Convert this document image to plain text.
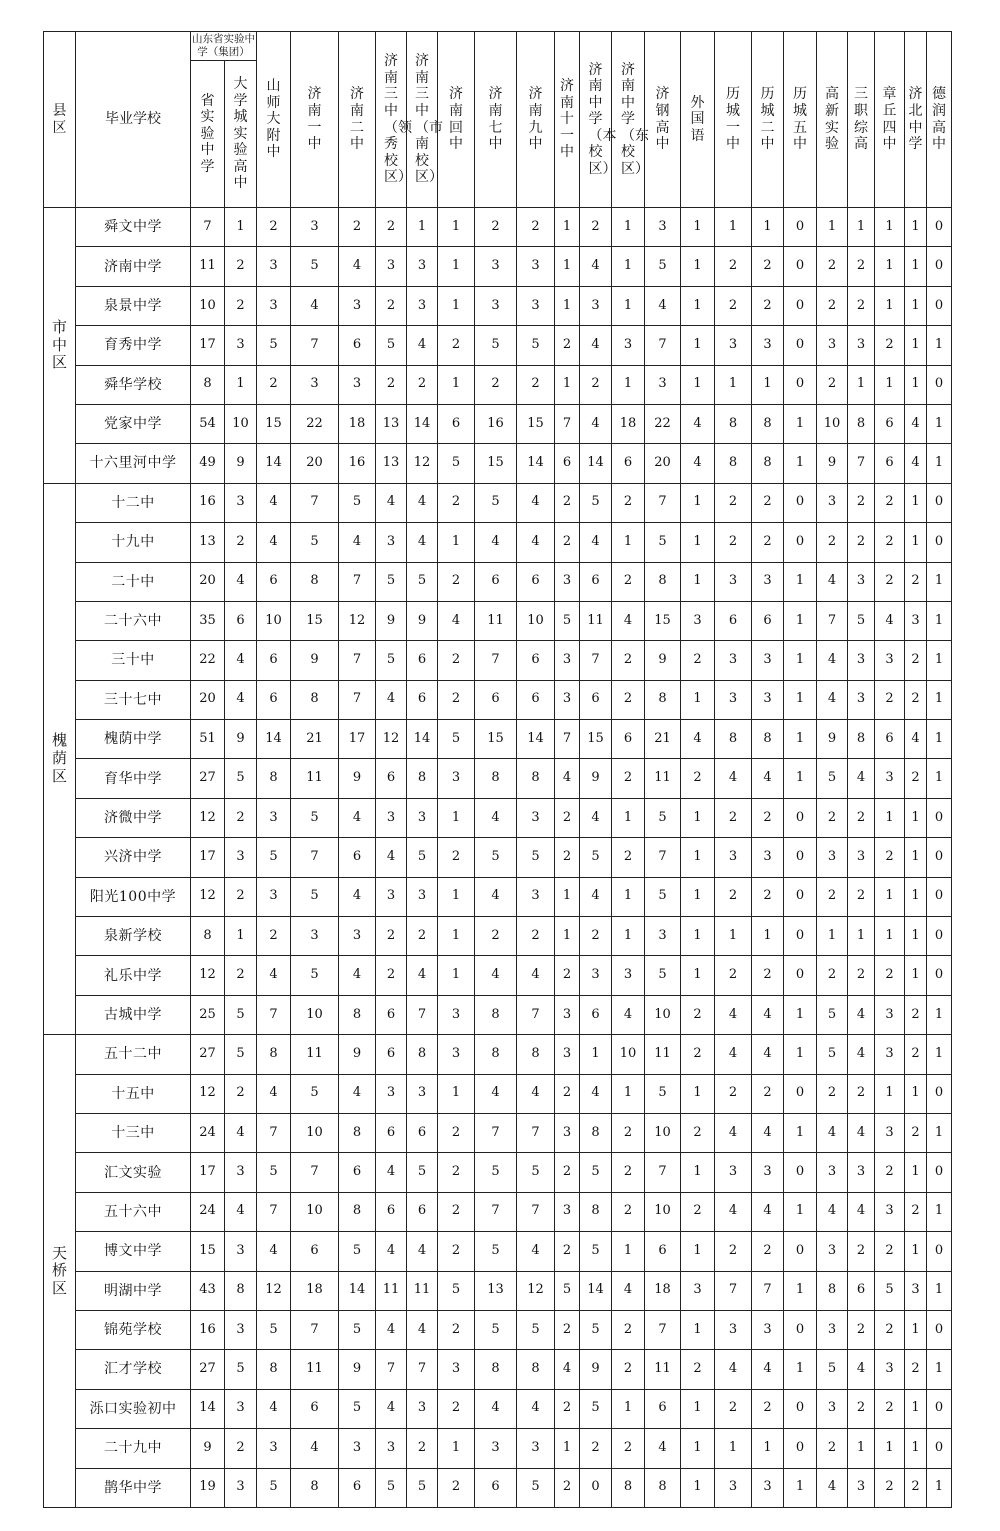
县区	毕业学校	山东省实验中学（集团）		山师大附中	济南一中	济南二中	济南三中（领秀校区）	济南三中（市南校区）	济南回中	济南七中	济南九中	济南十一中	济南中学（本校区）	济南中学（东校区）	济钢高中	外国语	历城一中	历城二中	历城五中	高新实验	三职综高	章丘四中	济北中学	德润高中
		省实验中学	大学城实验高中																					
市中区	舜文中学	7	1	2	3	2	2	1	1	2	2	1	2	1	3	1	1	1	0	1	1	1	1	0
	济南中学	11	2	3	5	4	3	3	1	3	3	1	4	1	5	1	2	2	0	2	2	1	1	0
	泉景中学	10	2	3	4	3	2	3	1	3	3	1	3	1	4	1	2	2	0	2	2	1	1	0
	育秀中学	17	3	5	7	6	5	4	2	5	5	2	4	3	7	1	3	3	0	3	3	2	1	1
	舜华学校	8	1	2	3	3	2	2	1	2	2	1	2	1	3	1	1	1	0	2	1	1	1	0
	党家中学	54	10	15	22	18	13	14	6	16	15	7	4	18	22	4	8	8	1	10	8	6	4	1
	十六里河中学	49	9	14	20	16	13	12	5	15	14	6	14	6	20	4	8	8	1	9	7	6	4	1
槐荫区	十二中	16	3	4	7	5	4	4	2	5	4	2	5	2	7	1	2	2	0	3	2	2	1	0
	十九中	13	2	4	5	4	3	4	1	4	4	2	4	1	5	1	2	2	0	2	2	2	1	0
	二十中	20	4	6	8	7	5	5	2	6	6	3	6	2	8	1	3	3	1	4	3	2	2	1
	二十六中	35	6	10	15	12	9	9	4	11	10	5	11	4	15	3	6	6	1	7	5	4	3	1
	三十中	22	4	6	9	7	5	6	2	7	6	3	7	2	9	2	3	3	1	4	3	3	2	1
	三十七中	20	4	6	8	7	4	6	2	6	6	3	6	2	8	1	3	3	1	4	3	2	2	1
	槐荫中学	51	9	14	21	17	12	14	5	15	14	7	15	6	21	4	8	8	1	9	8	6	4	1
	育华中学	27	5	8	11	9	6	8	3	8	8	4	9	2	11	2	4	4	1	5	4	3	2	1
	济微中学	12	2	3	5	4	3	3	1	4	3	2	4	1	5	1	2	2	0	2	2	1	1	0
	兴济中学	17	3	5	7	6	4	5	2	5	5	2	5	2	7	1	3	3	0	3	3	2	1	0
	阳光100中学	12	2	3	5	4	3	3	1	4	3	1	4	1	5	1	2	2	0	2	2	1	1	0
	泉新学校	8	1	2	3	3	2	2	1	2	2	1	2	1	3	1	1	1	0	1	1	1	1	0
	礼乐中学	12	2	4	5	4	2	4	1	4	4	2	3	3	5	1	2	2	0	2	2	2	1	0
	古城中学	25	5	7	10	8	6	7	3	8	7	3	6	4	10	2	4	4	1	5	4	3	2	1
天桥区	五十二中	27	5	8	11	9	6	8	3	8	8	3	1	10	11	2	4	4	1	5	4	3	2	1
	十五中	12	2	4	5	4	3	3	1	4	4	2	4	1	5	1	2	2	0	2	2	1	1	0
	十三中	24	4	7	10	8	6	6	2	7	7	3	8	2	10	2	4	4	1	4	4	3	2	1
	汇文实验	17	3	5	7	6	4	5	2	5	5	2	5	2	7	1	3	3	0	3	3	2	1	0
	五十六中	24	4	7	10	8	6	6	2	7	7	3	8	2	10	2	4	4	1	4	4	3	2	1
	博文中学	15	3	4	6	5	4	4	2	5	4	2	5	1	6	1	2	2	0	3	2	2	1	0
	明湖中学	43	8	12	18	14	11	11	5	13	12	5	14	4	18	3	7	7	1	8	6	5	3	1
	锦苑学校	16	3	5	7	5	4	4	2	5	5	2	5	2	7	1	3	3	0	3	2	2	1	0
	汇才学校	27	5	8	11	9	7	7	3	8	8	4	9	2	11	2	4	4	1	5	4	3	2	1
	泺口实验初中	14	3	4	6	5	4	3	2	4	4	2	5	1	6	1	2	2	0	3	2	2	1	0
	二十九中	9	2	3	4	3	3	2	1	3	3	1	2	2	4	1	1	1	0	2	1	1	1	0
	鹊华中学	19	3	5	8	6	5	5	2	6	5	2	0	8	8	1	3	3	1	4	3	2	2	1
